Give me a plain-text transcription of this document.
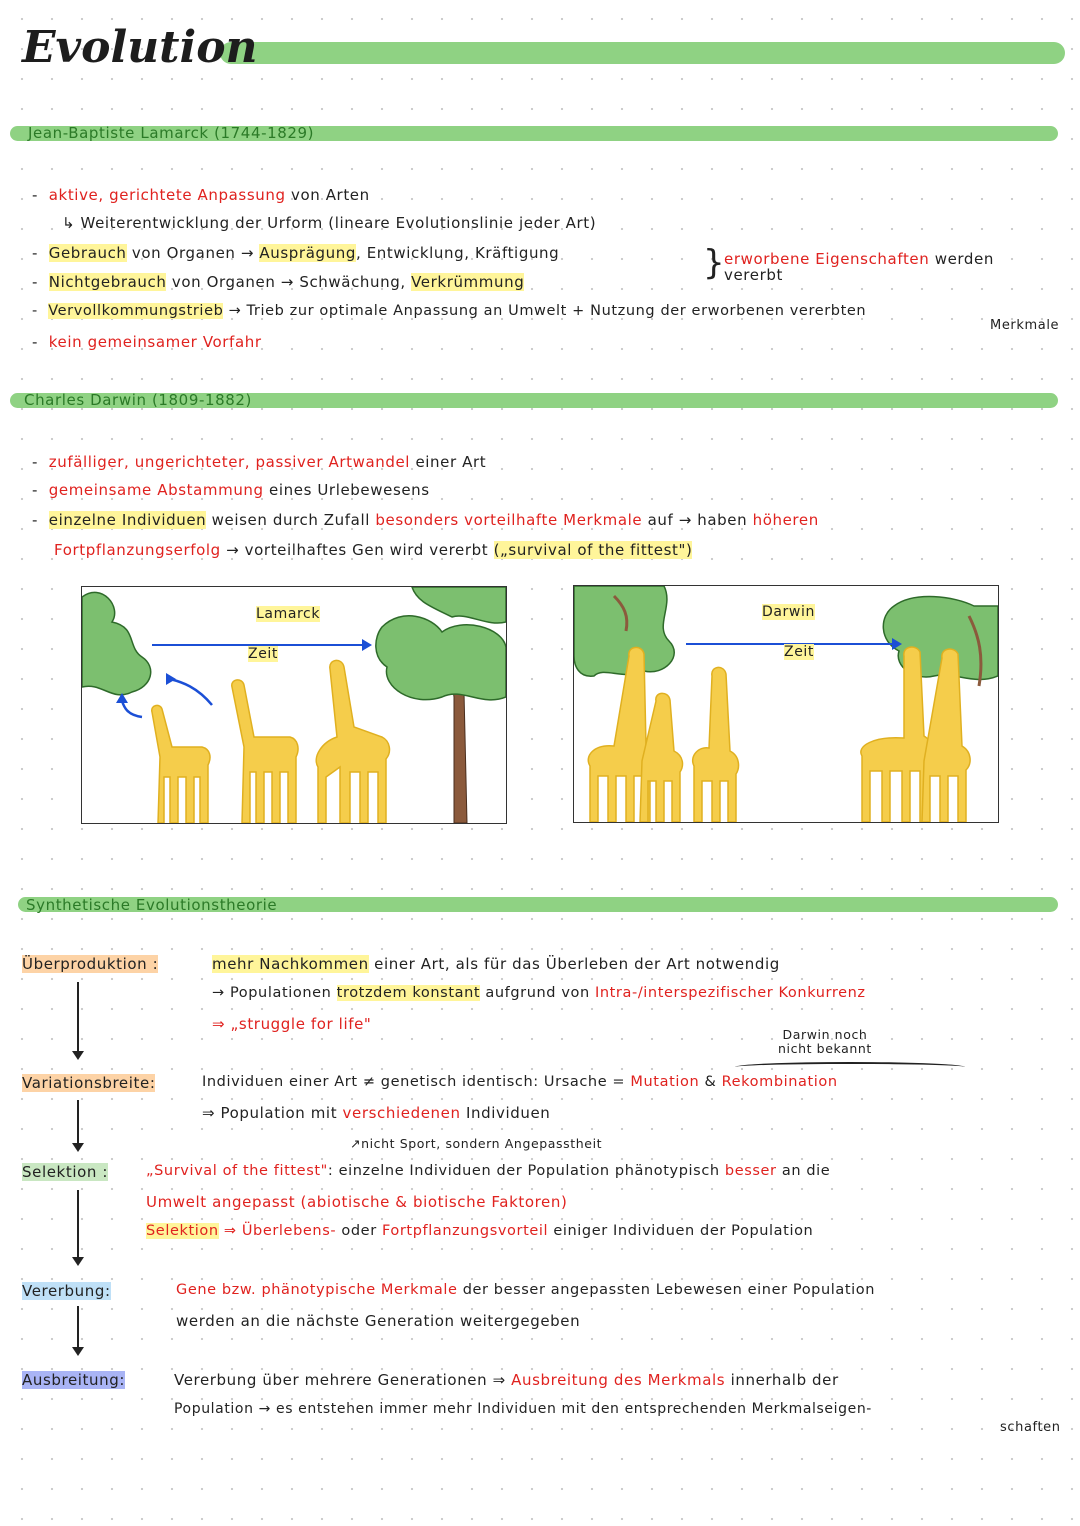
Evolution
Jean-Baptiste Lamarck (1744-1829)
-  aktive, gerichtete Anpassung von Arten
↳ Weiterentwicklung der Urform (lineare Evolutionslinie jeder Art)
-  Gebrauch von Organen → Ausprägung, Entwicklung, Kräftigung
-  Nichtgebrauch von Organen → Schwächung, Verkrümmung	} erworbene Eigenschaften werden
vererbt
-  Vervollkommungstrieb → Trieb zur optimale Anpassung an Umwelt + Nutzung der erworbenen vererbten
Merkmale
-  kein gemeinsamer Vorfahr
Charles Darwin (1809-1882)
-  zufälliger, ungerichteter, passiver Artwandel einer Art
-  gemeinsame Abstammung eines Urlebewesens
-  einzelne Individuen weisen durch Zufall besonders vorteilhafte Merkmale auf → haben höheren
Fortpflanzungserfolg → vorteilhaftes Gen wird vererbt („survival of the fittest")
Lamarck
Zeit
Darwin
Zeit
Synthetische Evolutionstheorie
Überproduktion :	mehr Nachkommen einer Art, als für das Überleben der Art notwendig
→ Populationen trotzdem konstant aufgrund von Intra-/interspezifischer Konkurrenz
⇒ „struggle for life"
Darwin noch
nicht bekannt
Variationsbreite:	Individuen einer Art ≠ genetisch identisch: Ursache = Mutation & Rekombination
⇒ Population mit verschiedenen Individuen
↗nicht Sport, sondern Angepasstheit
Selektion :	„Survival of the fittest": einzelne Individuen der Population phänotypisch besser an die
Umwelt angepasst (abiotische & biotische Faktoren)
Selektion ⇒ Überlebens- oder Fortpflanzungsvorteil einiger Individuen der Population
Vererbung:	Gene bzw. phänotypische Merkmale der besser angepassten Lebewesen einer Population
werden an die nächste Generation weitergegeben
Ausbreitung:	Vererbung über mehrere Generationen ⇒ Ausbreitung des Merkmals innerhalb der
Population → es entstehen immer mehr Individuen mit den entsprechenden Merkmalseigen-
schaften
